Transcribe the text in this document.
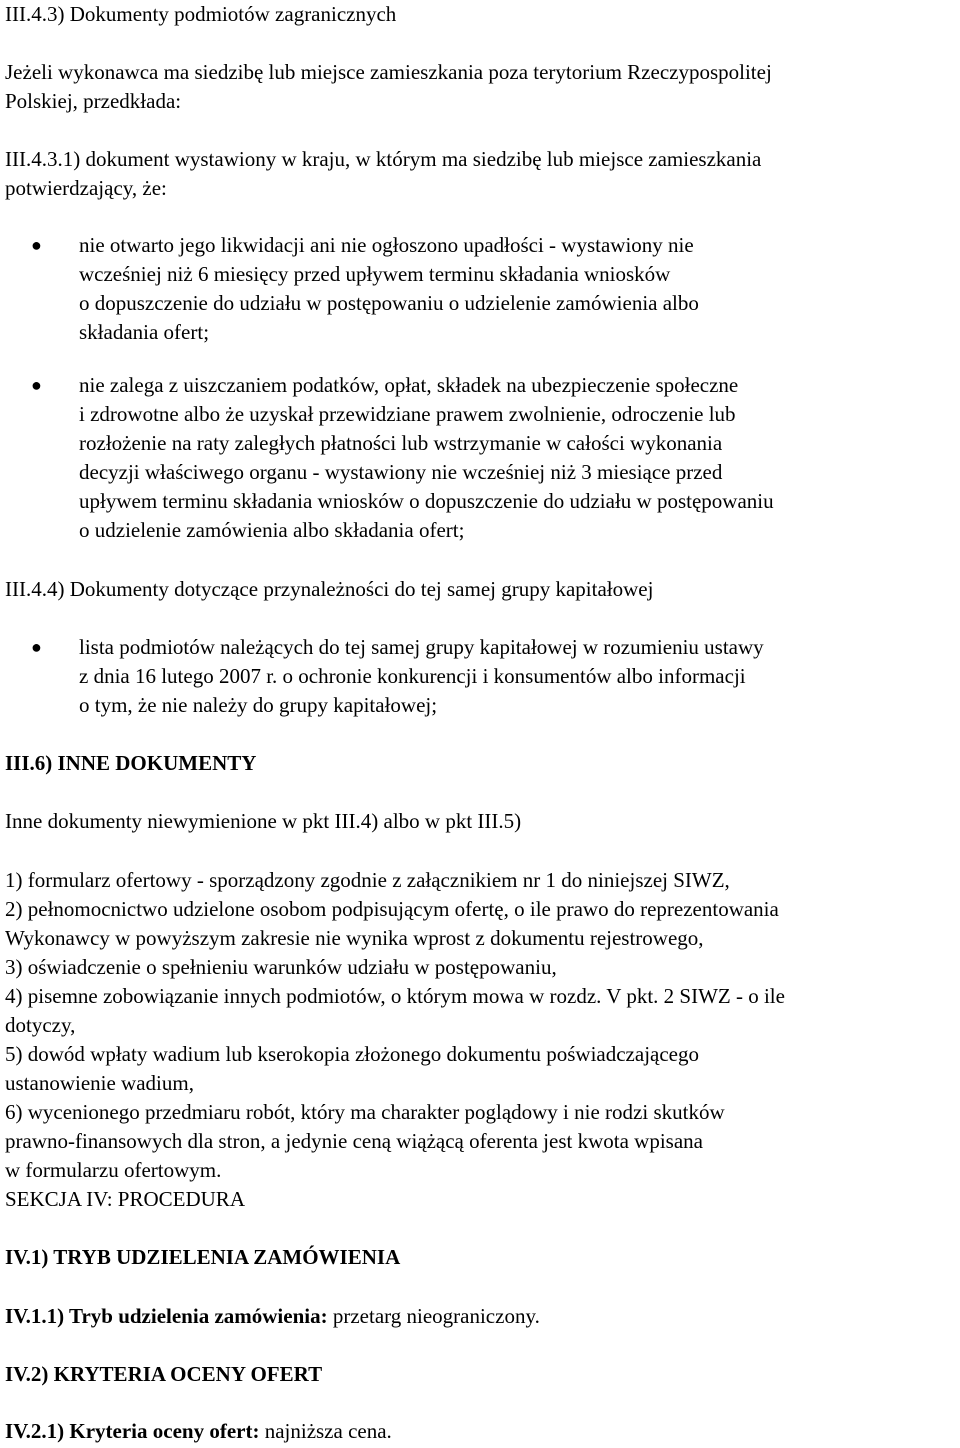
III.4.3) Dokumenty podmiotów zagranicznych
Jeżeli wykonawca ma siedzibę lub miejsce zamieszkania poza terytorium Rzeczypospolitej
Polskiej, przedkłada:
III.4.3.1) dokument wystawiony w kraju, w którym ma siedzibę lub miejsce zamieszkania
potwierdzający, że:
● nie otwarto jego likwidacji ani nie ogłoszono upadłości - wystawiony nie
wcześniej niż 6 miesięcy przed upływem terminu składania wniosków
o dopuszczenie do udziału w postępowaniu o udzielenie zamówienia albo
składania ofert;
● nie zalega z uiszczaniem podatków, opłat, składek na ubezpieczenie społeczne
i zdrowotne albo że uzyskał przewidziane prawem zwolnienie, odroczenie lub
rozłożenie na raty zaległych płatności lub wstrzymanie w całości wykonania
decyzji właściwego organu - wystawiony nie wcześniej niż 3 miesiące przed
upływem terminu składania wniosków o dopuszczenie do udziału w postępowaniu
o udzielenie zamówienia albo składania ofert;
III.4.4) Dokumenty dotyczące przynależności do tej samej grupy kapitałowej
● lista podmiotów należących do tej samej grupy kapitałowej w rozumieniu ustawy
z dnia 16 lutego 2007 r. o ochronie konkurencji i konsumentów albo informacji
o tym, że nie należy do grupy kapitałowej;
III.6) INNE DOKUMENTY
Inne dokumenty niewymienione w pkt III.4) albo w pkt III.5)
1) formularz ofertowy - sporządzony zgodnie z załącznikiem nr 1 do niniejszej SIWZ,
2) pełnomocnictwo udzielone osobom podpisującym ofertę, o ile prawo do reprezentowania
Wykonawcy w powyższym zakresie nie wynika wprost z dokumentu rejestrowego,
3) oświadczenie o spełnieniu warunków udziału w postępowaniu,
4) pisemne zobowiązanie innych podmiotów, o którym mowa w rozdz. V pkt. 2 SIWZ - o ile
dotyczy,
5) dowód wpłaty wadium lub kserokopia złożonego dokumentu poświadczającego
ustanowienie wadium,
6) wycenionego przedmiaru robót, który ma charakter poglądowy i nie rodzi skutków
prawno-finansowych dla stron, a jedynie ceną wiążącą oferenta jest kwota wpisana
w formularzu ofertowym.
SEKCJA IV: PROCEDURA
IV.1) TRYB UDZIELENIA ZAMÓWIENIA
IV.1.1) Tryb udzielenia zamówienia: przetarg nieograniczony.
IV.2) KRYTERIA OCENY OFERT
IV.2.1) Kryteria oceny ofert: najniższa cena.
